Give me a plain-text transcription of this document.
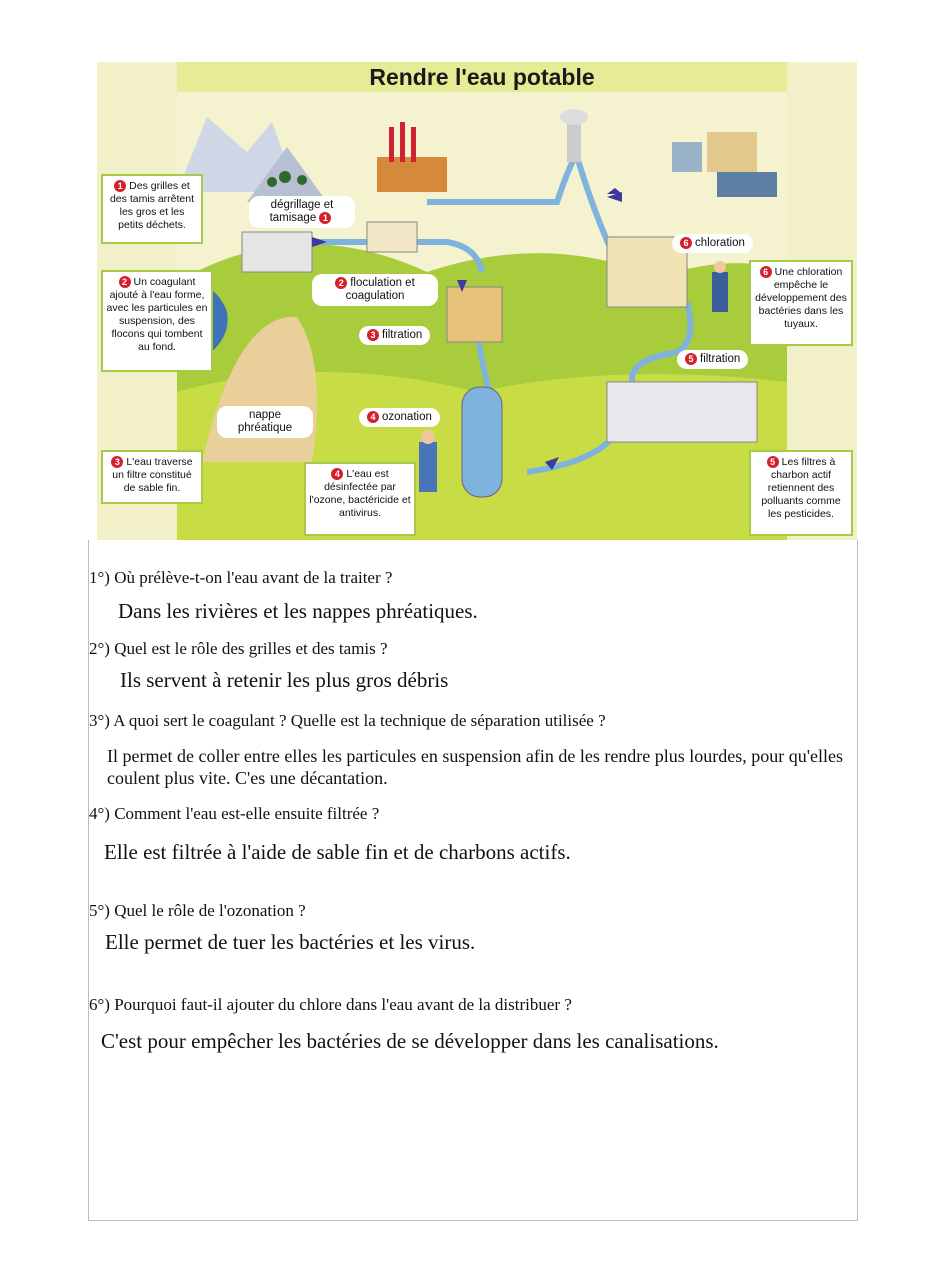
Rendre l'eau potable
1 Des grilles et des tamis arrêtent les gros et les petits déchets.
2 Un coagulant ajouté à l'eau forme, avec les particules en suspension, des flocons qui tombent au fond.
3 L'eau traverse un filtre constitué de sable fin.
4 L'eau est désinfectée par l'ozone, bactéricide et antivirus.
5 Les filtres à charbon actif retiennent des polluants comme les pesticides.
6 Une chloration empêche le développement des bactéries dans les tuyaux.
dégrillage et tamisage 1
2 floculation et coagulation
3 filtration
4 ozonation
5 filtration
6 chloration
nappe phréatique
1°) Où prélève-t-on l'eau avant de la traiter ?
Dans les rivières et les nappes phréatiques.
2°) Quel est le rôle des grilles et des tamis ?
Ils servent à retenir les plus gros débris
3°) A quoi sert le coagulant ? Quelle est la technique de séparation utilisée ?
Il permet de coller entre elles les particules en suspension afin de les rendre plus lourdes, pour qu'elles coulent plus vite. C'es une décantation.
4°) Comment l'eau est-elle ensuite filtrée ?
Elle est filtrée à l'aide de sable fin et de charbons actifs.
5°) Quel le rôle de l'ozonation ?
Elle permet de tuer les bactéries et les virus.
6°) Pourquoi faut-il ajouter du chlore dans l'eau avant de la distribuer ?
C'est pour empêcher les bactéries de se développer dans les canalisations.
